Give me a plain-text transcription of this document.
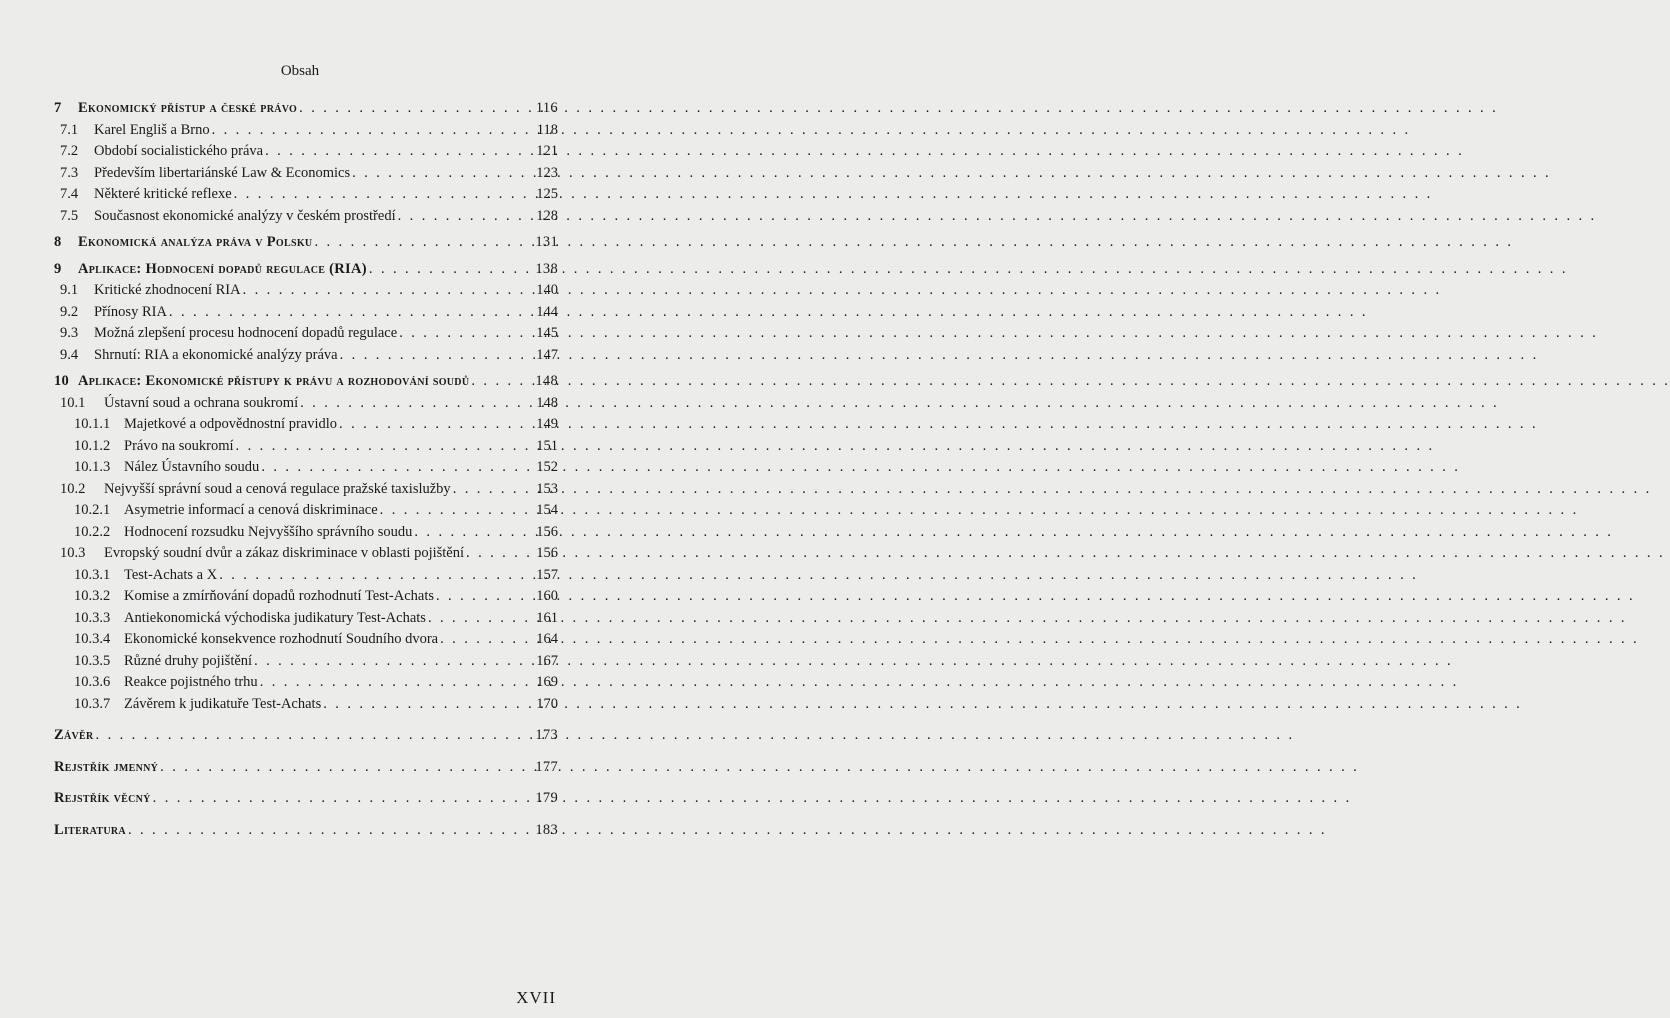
Obsah
7	Ekonomický přístup a české právo . . .	116
7.1	Karel Engliš a Brno . . .	118
7.2	Období socialistického práva . . .	121
7.3	Především libertariánské Law & Economics . . .	123
7.4	Některé kritické reflexe . . .	125
7.5	Současnost ekonomické analýzy v českém prostředí . . .	128
8	Ekonomická analýza práva v Polsku . . .	131
9	Aplikace: Hodnocení dopadů regulace (RIA) . . .	138
9.1	Kritické zhodnocení RIA . . .	140
9.2	Přínosy RIA . . .	144
9.3	Možná zlepšení procesu hodnocení dopadů regulace . . .	145
9.4	Shrnutí: RIA a ekonomické analýzy práva . . .	147
10 Aplikace: Ekonomické přístupy k právu a rozhodování soudů . . .	148
10.1	Ústavní soud a ochrana soukromí . . .	148
10.1.1 Majetkové a odpovědnostní pravidlo . . .	149
10.1.2 Právo na soukromí . . .	151
10.1.3 Nález Ústavního soudu . . .	152
10.2	Nejvyšší správní soud a cenová regulace pražské taxislužby . . .	153
10.2.1 Asymetrie informací a cenová diskriminace . . .	154
10.2.2 Hodnocení rozsudku Nejvyššího správního soudu . . .	156
10.3	Evropský soudní dvůr a zákaz diskriminace v oblasti pojištění . . .	156
10.3.1 Test-Achats a X . . .	157
10.3.2 Komise a zmírňování dopadů rozhodnutí Test-Achats . . .	160
10.3.3 Antiekonomická východiska judikatury Test-Achats . . .	161
10.3.4 Ekonomické konsekvence rozhodnutí Soudního dvora . . .	164
10.3.5 Různé druhy pojištění . . .	167
10.3.6 Reakce pojistného trhu . . .	169
10.3.7 Závěrem k judikatuře Test-Achats . . .	170
Závěr . . .	173
Rejstřík jmenný . . .	177
Rejstřík věcný . . .	179
Literatura . . .	183
XVII
